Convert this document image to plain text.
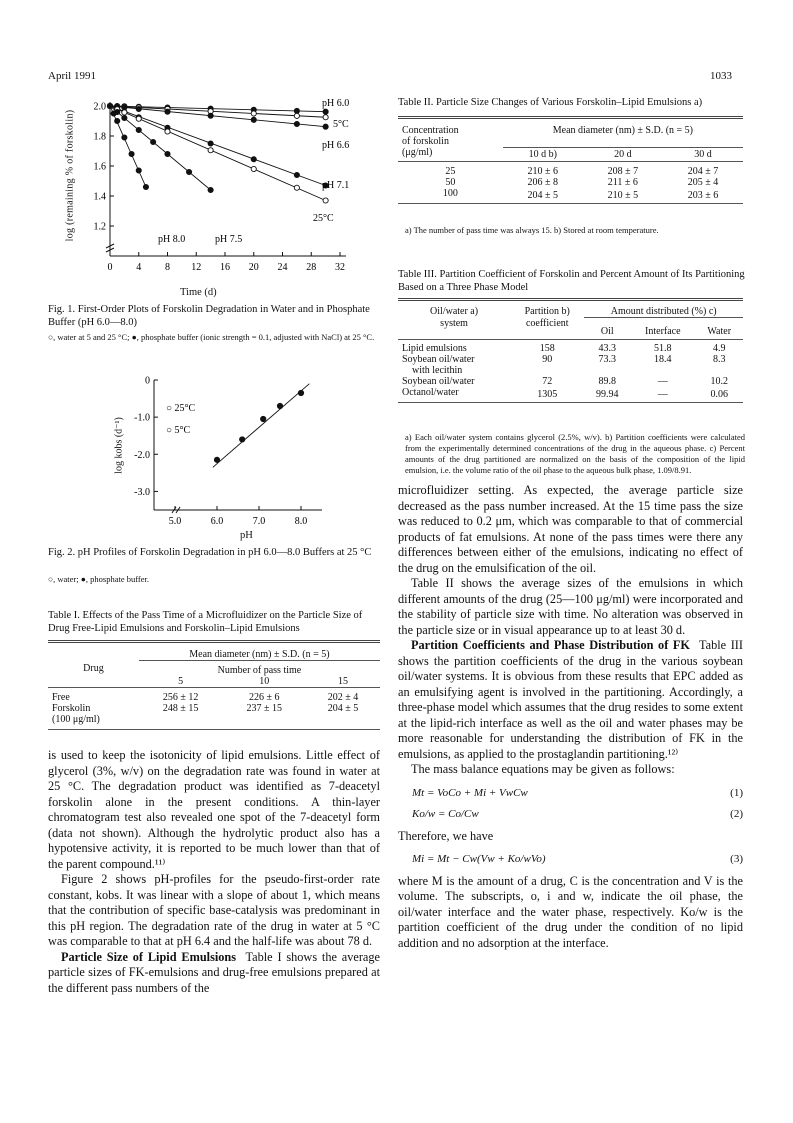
April 1991	1033
0 4 8 12 16 20 24 28 32
1.2
1.4
1.6
1.8
2.0	pH 6.0
5°C
pH 6.6
pH 7.1
25°C
pH 8.0	pH 7.5
log (remaining % of forskolin)
Time (d)
Fig. 1. First-Order Plots of Forskolin Degradation in Water and in Phosphate Buffer (pH 6.0—8.0)
○, water at 5 and 25 °C; ●, phosphate buffer (ionic strength = 0.1, adjusted with NaCl) at 25 °C.
5.0	6.0	7.0	8.0
0
-1.0
-2.0
-3.0
○ 25°C
○ 5°C
log kobs (d⁻¹)
pH
Fig. 2. pH Profiles of Forskolin Degradation in pH 6.0—8.0 Buffers at 25 °C
○, water; ●, phosphate buffer.
Table I. Effects of the Pass Time of a Microfluidizer on the Particle Size of Drug Free-Lipid Emulsions and Forskolin–Lipid Emulsions

Drug	Mean diameter (nm) ± S.D. (n = 5)		
	Number of pass time		
	5	10	15

Free	256 ± 12	226 ± 6	202 ± 4
Forskolin	248 ± 15	237 ± 15	204 ± 5
(100 μg/ml)			

is used to keep the isotonicity of lipid emulsions. Little effect of glycerol (3%, w/v) on the degradation rate was found in water at 25 °C. The degradation product was identified as 7-deacetyl forskolin alone in the present conditions. A thin-layer chromatogram test also revealed one spot of the 7-deacetyl form (data not shown). Although the hydrolytic product also has a hypotensive activity, it is reported to be much lower than that of the parent compound.¹¹⁾

Figure 2 shows pH-profiles for the pseudo-first-order rate constant, kobs. It was linear with a slope of about 1, which means that the contribution of specific base-catalysis was predominant in this pH region. The degradation rate of the drug in water at 5 °C was comparable to that at pH 6.4 and the half-life was about 78 d.

Particle Size of Lipid Emulsions Table I shows the average particle sizes of FK-emulsions and drug-free emulsions prepared at the different pass numbers of the

Table II. Particle Size Changes of Various Forskolin–Lipid Emulsions a)

Concentration	Mean diameter (nm) ± S.D. (n = 5)		
of forskolin			
(μg/ml)	10 d b)	20 d	30 d

25	210 ± 6	208 ± 7	204 ± 7
50	206 ± 8	211 ± 6	205 ± 4
100	204 ± 5	210 ± 5	203 ± 6
a) The number of pass time was always 15. b) Stored at room temperature.
Table III. Partition Coefficient of Forskolin and Percent Amount of Its Partitioning Based on a Three Phase Model

Oil/water a)	Partition b)	Amount distributed (%) c)		
system	coefficient	Oil	Interface	Water

Lipid emulsions	158	43.3	51.8	4.9
Soybean oil/water	90	73.3	18.4	8.3
with lecithin				
Soybean oil/water	72	89.8	—	10.2
Octanol/water	1305	99.94	—	0.06
a) Each oil/water system contains glycerol (2.5%, w/v). b) Partition coefficients were calculated from the experimentally determined concentrations of the drug in the aqueous phase. c) Percent amounts of the drug partitioned are normalized on the basis of the composition of the lipid emulsion, i.e. the volume ratio of the oil phase to the aqueous bulk phase, 1.09/8.91.

microfluidizer setting. As expected, the average particle size decreased as the pass number increased. At the 15 time pass the size was reduced to 0.2 μm, which was comparable to that of commercial products of fat emulsions. At none of the pass times were there any differences between either of the emulsions, indicating no effect of the drug on the emulsification of the oil.

Table II shows the average sizes of the emulsions in which different amounts of the drug (25—100 μg/ml) were incorporated and the stability of particle size with time. No alteration was observed in the particle size or in visual appearance up to at least 30 d.

Partition Coefficients and Phase Distribution of FK Table III shows the partition coefficients of the drug in the various soybean oil/water systems. It is obvious from these results that EPC added as an emulsifying agent is involved in the partitioning. Accordingly, a three-phase model which assumes that the drug resides to some extent at the lipid-rich interface as well as the oil and water phases may be more reasonable for understanding the distribution of FK in the emulsions, as applied to the prostaglandin partitioning.¹²⁾

The mass balance equations may be given as follows:

Mt = VoCo + Mi + VwCw	(1)
Ko/w = Co/Cw	(2)

Therefore, we have

Mi = Mt − Cw(Vw + Ko/wVo)	(3)

where M is the amount of a drug, C is the concentration and V is the volume. The subscripts, o, i and w, indicate the oil phase, the oil/water interface and the water phase, respectively. Ko/w is the partition coefficient of the drug under the condition of no lipid addition and no adsorption at the interface.
